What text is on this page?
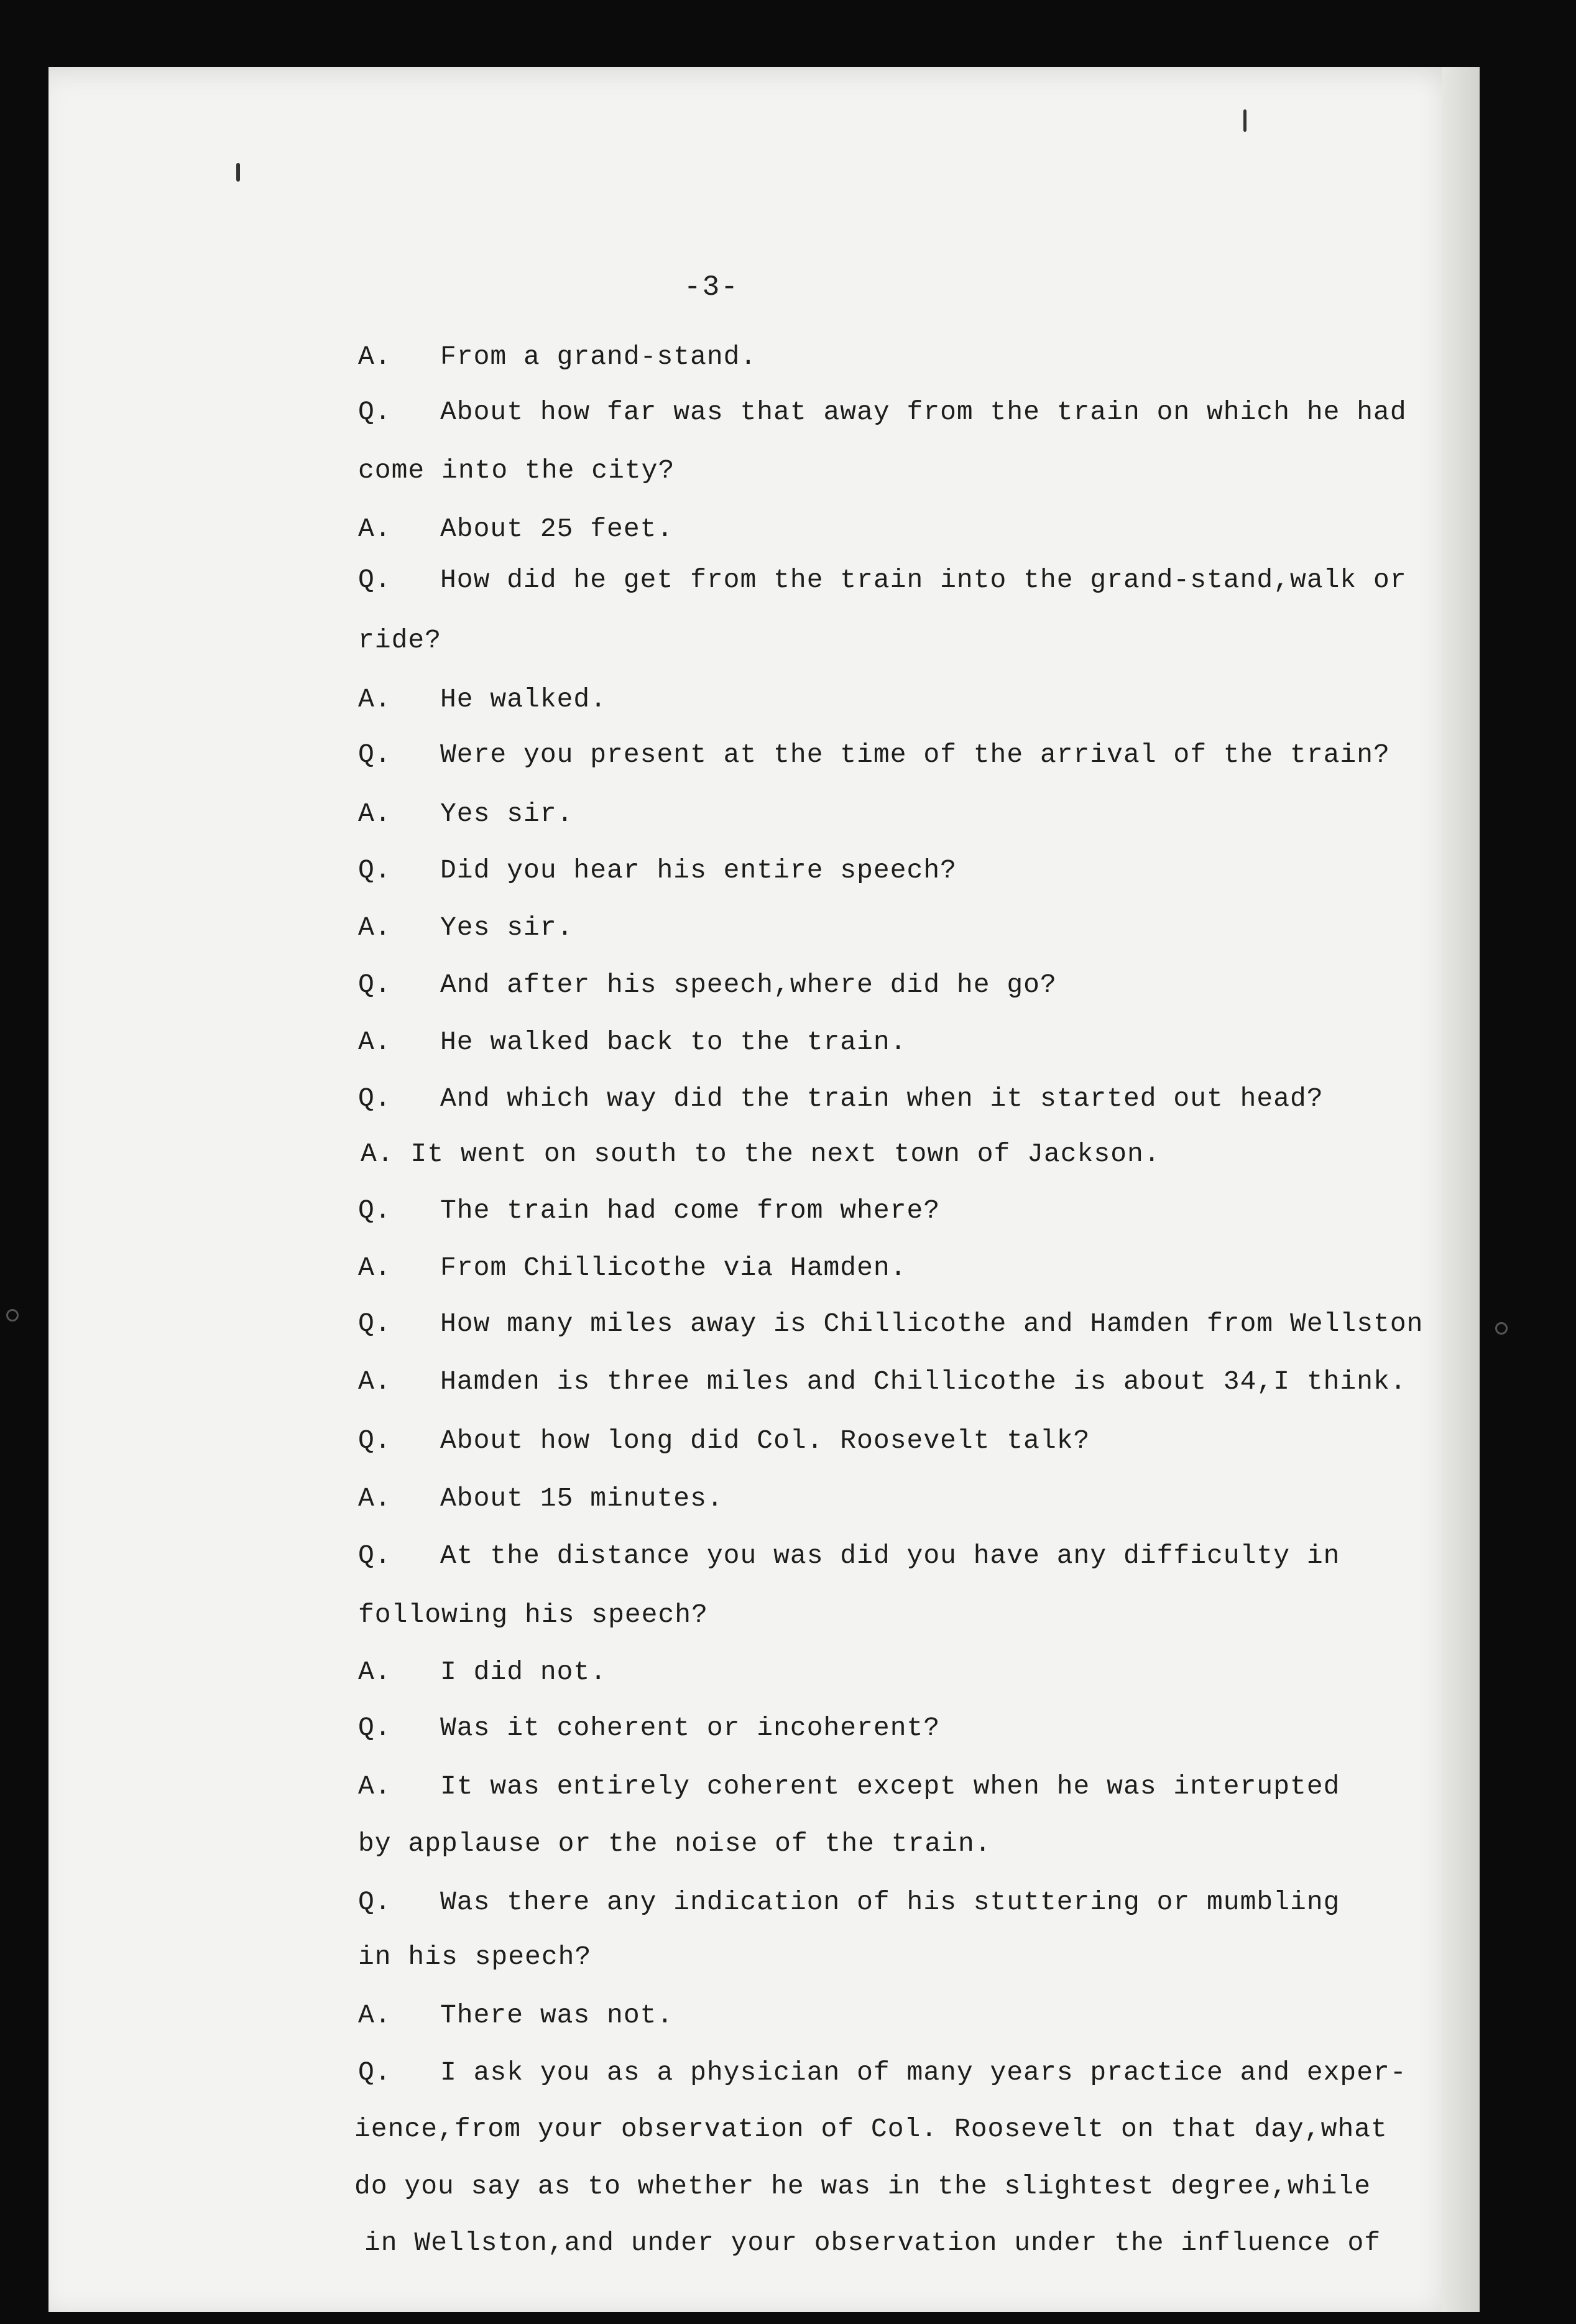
-3-
A. From a grand-stand.
Q. About how far was that away from the train on which he had
come into the city?
A. About 25 feet.
Q. How did he get from the train into the grand-stand,walk or
ride?
A. He walked.
Q. Were you present at the time of the arrival of the train?
A. Yes sir.
Q. Did you hear his entire speech?
A. Yes sir.
Q. And after his speech,where did he go?
A. He walked back to the train.
Q. And which way did the train when it started out head?
A. It went on south to the next town of Jackson.
Q. The train had come from where?
A. From Chillicothe via Hamden.
Q. How many miles away is Chillicothe and Hamden from Wellston
A. Hamden is three miles and Chillicothe is about 34,I think.
Q. About how long did Col. Roosevelt talk?
A. About 15 minutes.
Q. At the distance you was did you have any difficulty in
following his speech?
A. I did not.
Q. Was it coherent or incoherent?
A. It was entirely coherent except when he was interupted
by applause or the noise of the train.
Q. Was there any indication of his stuttering or mumbling
in his speech?
A. There was not.
Q. I ask you as a physician of many years practice and exper-
ience,from your observation of Col. Roosevelt on that day,what
do you say as to whether he was in the slightest degree,while
in Wellston,and under your observation under the influence of
